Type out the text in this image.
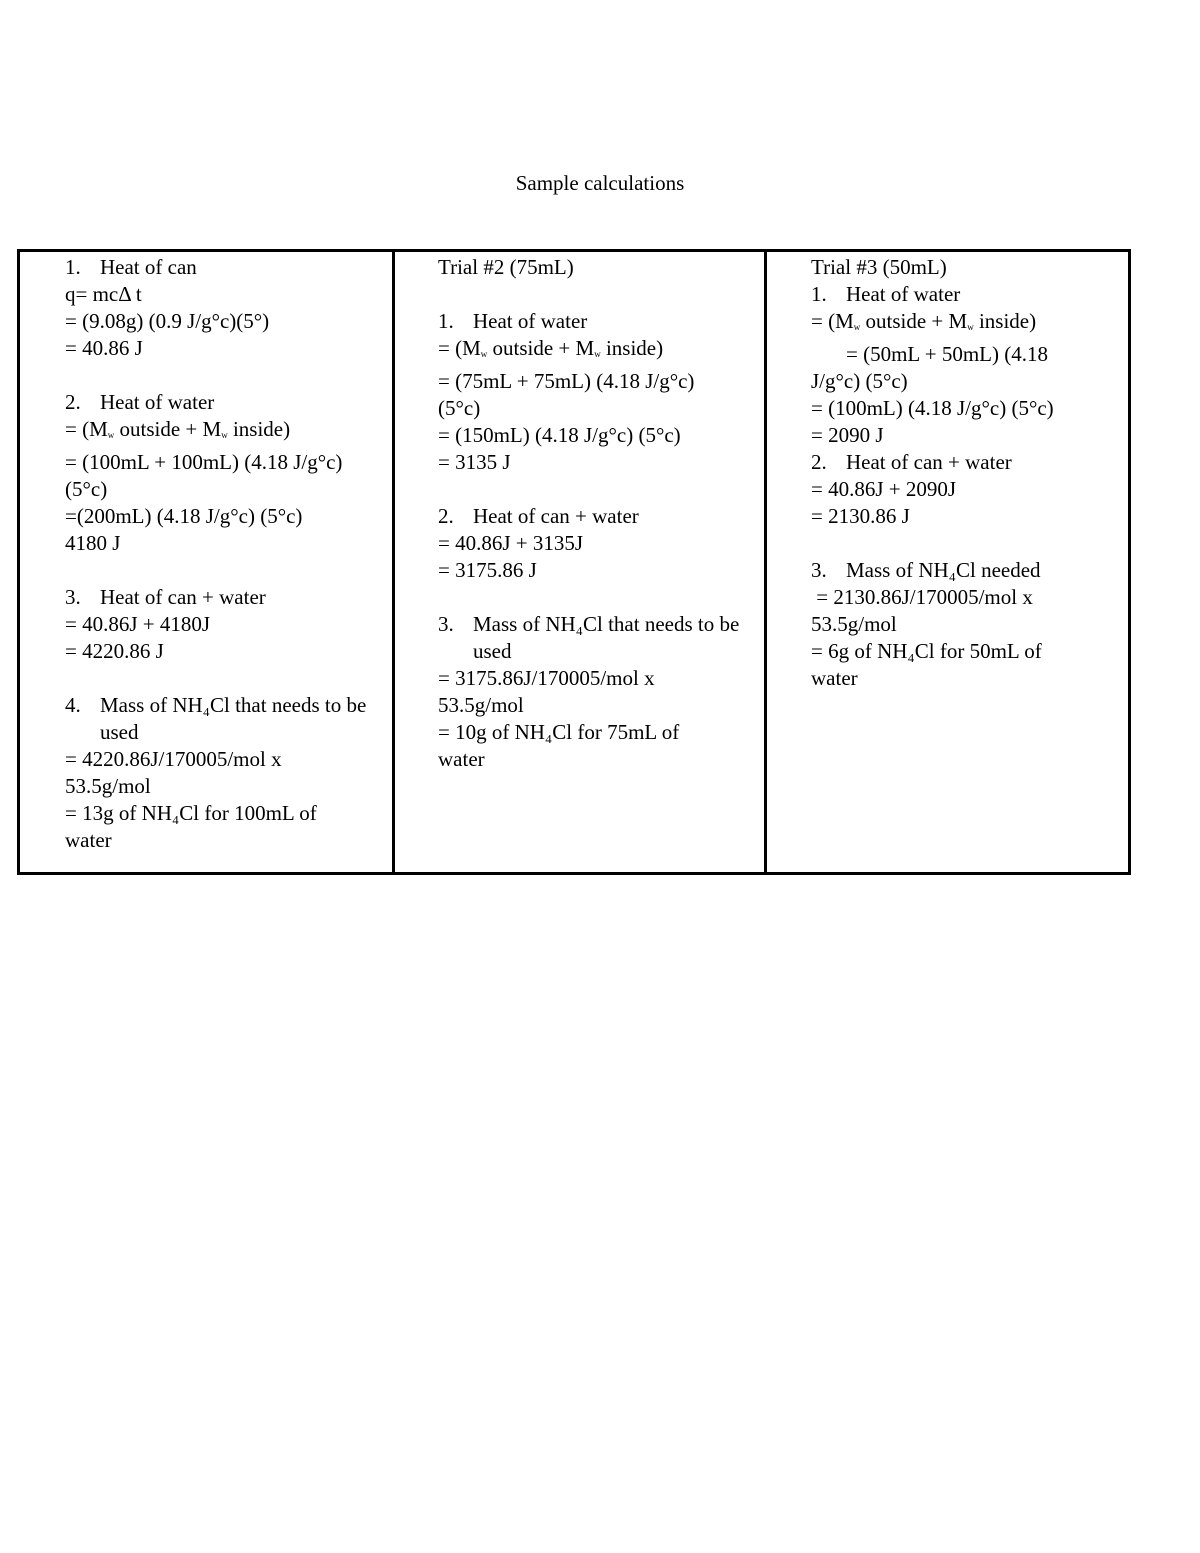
Sample calculations
1. Heat of can
q= mcΔ t
= (9.08g) (0.9 J/g°c)(5°)
= 40.86 J
2. Heat of water
= ($M_w$ outside + $M_w$ inside)
= (100mL + 100mL) (4.18 J/g°c)
(5°c)
=(200mL) (4.18 J/g°c) (5°c)
4180 J
3. Heat of can + water
= 40.86J + 4180J
= 4220.86 J
4. Mass of NH₄Cl that needs to be used
= 4220.86J/170005/mol x
53.5g/mol
= 13g of NH₄Cl for 100mL of
water
Trial #2 (75mL)
1. Heat of water
= ($M_w$ outside + $M_w$ inside)
= (75mL + 75mL) (4.18 J/g°c)
(5°c)
= (150mL) (4.18 J/g°c) (5°c)
= 3135 J
2. Heat of can + water
= 40.86J + 3135J
= 3175.86 J
3. Mass of NH₄Cl that needs to be used
= 3175.86J/170005/mol x
53.5g/mol
= 10g of NH₄Cl for 75mL of
water
Trial #3 (50mL)
1. Heat of water
= ($M_w$ outside + $M_w$ inside)
= (50mL + 50mL) (4.18
J/g°c) (5°c)
= (100mL) (4.18 J/g°c) (5°c)
= 2090 J
2. Heat of can + water
= 40.86J + 2090J
= 2130.86 J
3. Mass of NH₄Cl needed
= 2130.86J/170005/mol x
53.5g/mol
= 6g of NH₄Cl for 50mL of
water
